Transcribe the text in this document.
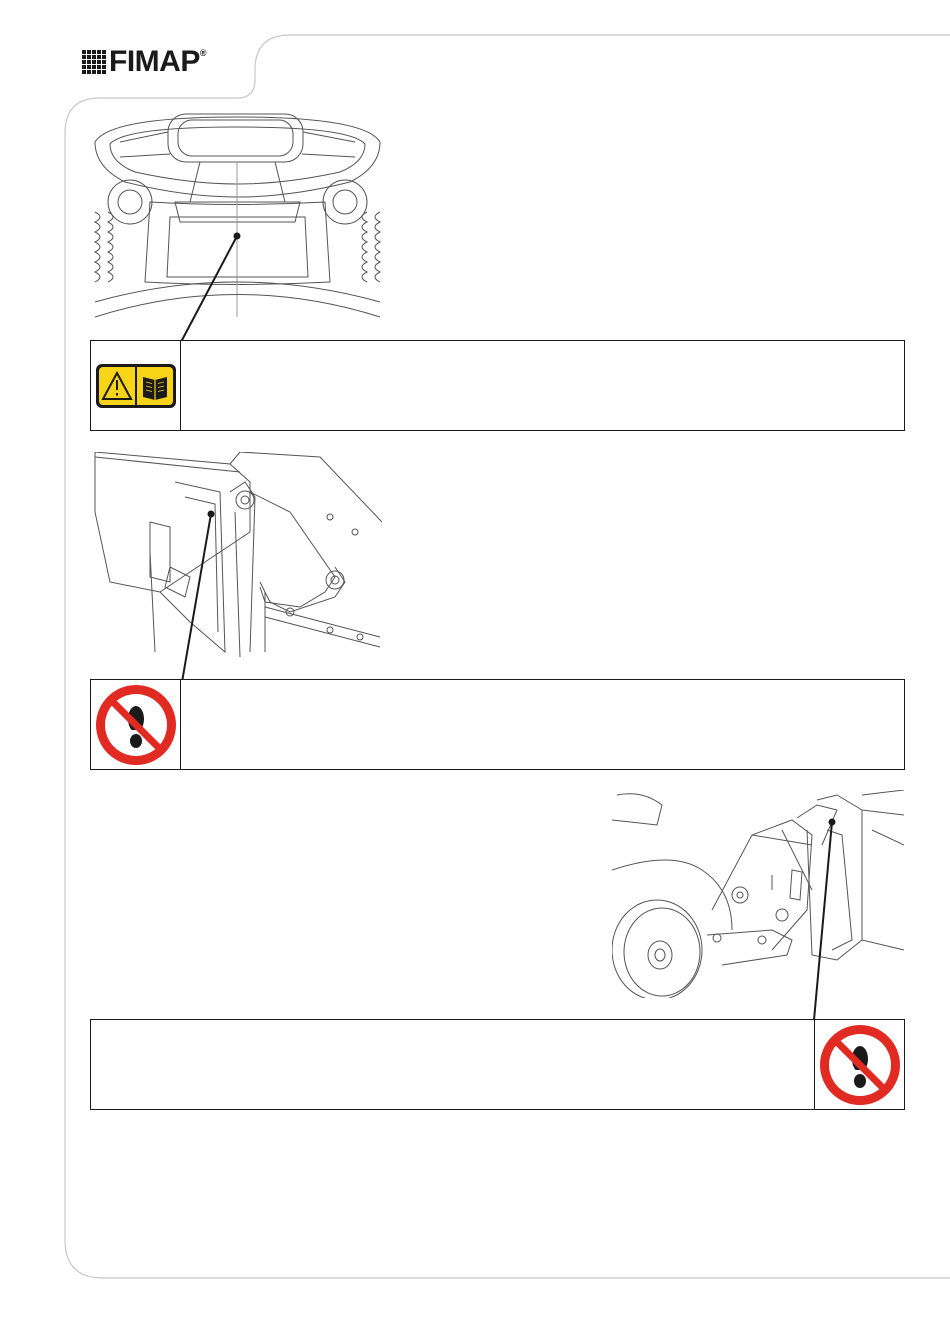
FIMAP ®
